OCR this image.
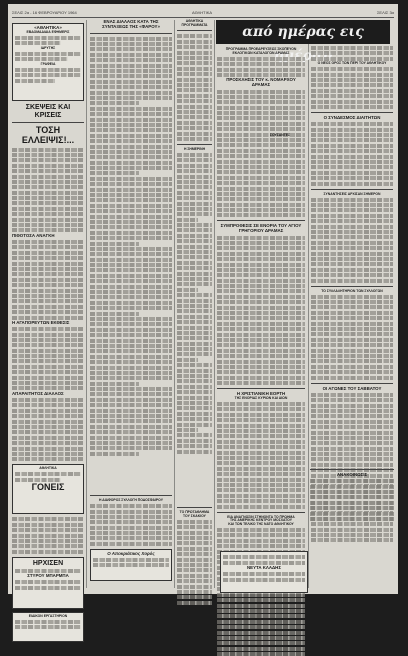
ΣΕΛΙΣ 2α - 16 ΦΕΒΡΟΥΑΡΙΟΥ 1964	ΑΘΛΗΤΙΚΑ	ΣΕΛΙΣ 3α
«ΑΘΛΗΤΙΚΑ»
ΕΒΔΟΜΑΔΙΑΙΑ ΕΦΗΜΕΡΙΣ
ΙΔΡΥΤΗΣ
ΓΡΑΦΕΙΑ
ΣΚΕΨΕΙΣ ΚΑΙ ΚΡΙΣΕΙΣ
ΤΟΣΗ ΕΛΛΕΙΨΙΣ!...
ΠΙΘΟΤΟΣΑ ΑΝΑΓΚΗ
Η ΑΓΑΠΟΡΕΥΤΩΝ ΕΚΘΕΣΙΣ
ΑΠΑΡΑΙΤΗΤΟΣ ΔΙΑΛΑΟΣ
ΑΘΛΗΤΙΚΑ
ΓΟΝΕΙΣ
ΗΡΧΙΣΕΝ
ΣΤΥΡΟΥ ΜΠΑΡΜΠΑ
ΕΙΔΙΚΟΝ ΕΡΓΑΣΤΗΡΙΟΝ
ΕΝΑΣ ΔΙΑΛΑΟΣ ΚΑΤΑ ΤΗΣ ΣΥΝΤΑΞΕΩΣ ΤΗΣ «ΦΑΡΟΥ»
Η ΔΙΑΦΟΡΟΣ ΣΥΛΛΟΓΗ ΠΟΔΟΣΦΑΙΡΟΥ
Ο Αποκριάτικος Χορός
ΑΘΛΗΤΙΚΑ ΠΡΟΓΡΑΜΜΑΤΑ
Η ΣΗΜΕΡΙΝΗ
ΤΟ ΠΡΩΤΑΘΛΗΜΑ ΤΟΥ ΣΚΑΚΙΟΥ
από ημέρας εις
ΠΡΟΓΡΑΜΜΑ ΠΡΟΕΔΡΕΥΣΕΩΣ ΣΚΟΠΕΥΟΝ
ΕΚΛΟΓΙΚΩΝ ΚΑΤΑΛΟΓΩΝ ΔΡΑΜΑΣ
ΠΡΟΣΚΛΗΣΙΣ ΤΟΥ κ. ΝΟΜΑΡΧΟΥ ΔΡΑΜΑΣ
ΣΥΜΠΡΟΘΕΣΙΣ ΣΕ ΕΝΟΡΙΑ ΤΟΥ ΑΓΙΟΥ ΓΡΗΓΟΡΙΟΥ ΔΡΑΜΑΣ
Η ΧΡΙΣΤΙΑΝΙΚΗ ΕΟΡΤΗ
ΤΗΣ ΕΝΟΡΙΑΣ ΚΥΡΙΩΝ ΚΑΙ ΑΙΩΝ
ΕΙΔ ΑΝΑΓΝΩΣΙΝ ΣΤΗΝΟΝΤΑ ΤΟ ΠΡΩΗΜΑ
ΤΗΣ ΑΜΕΡΙΚΗΣ ΚΕΝΤΡΟΥ ΜΟΣΧΑΤΟΥ
ΚΑΙ ΤΩΝ ΤΕΛΙΚΟ ΤΗΣ ΝΑΤΟ ΑΘΛΗΤΙΚΟΥ
ΣΟΥΣΑΝΤΕΣ
Ο ΝΕΟΣ ΟΡΟΣ ΤΩΝ ΠΕΡΙ ΤΟΥ ΑΘΛΗΤΙΚΟΥ
Ο ΣΥΝΔΕΣΜΟΣ ΔΙΑΙΤΗΤΩΝ
ΣΥΝΑΝΤΗΣΕΙΣ ΑΡΧΙΣΑΝ ΣΗΜΕΡΟΝ
ΤΟ ΣΥΛΛΑΛΗΤΗΡΙΟΝ ΤΩΝ ΣΥΛΛΟΓΩΝ
ΟΙ ΑΓΩΝΕΣ ΤΟΥ ΣΑΒΒΑΤΟΥ
ΑΝΑΚΟΙΝΩΣΙΣ
ΝΕΥΤΑ ΚΛΑΔΗΣ
